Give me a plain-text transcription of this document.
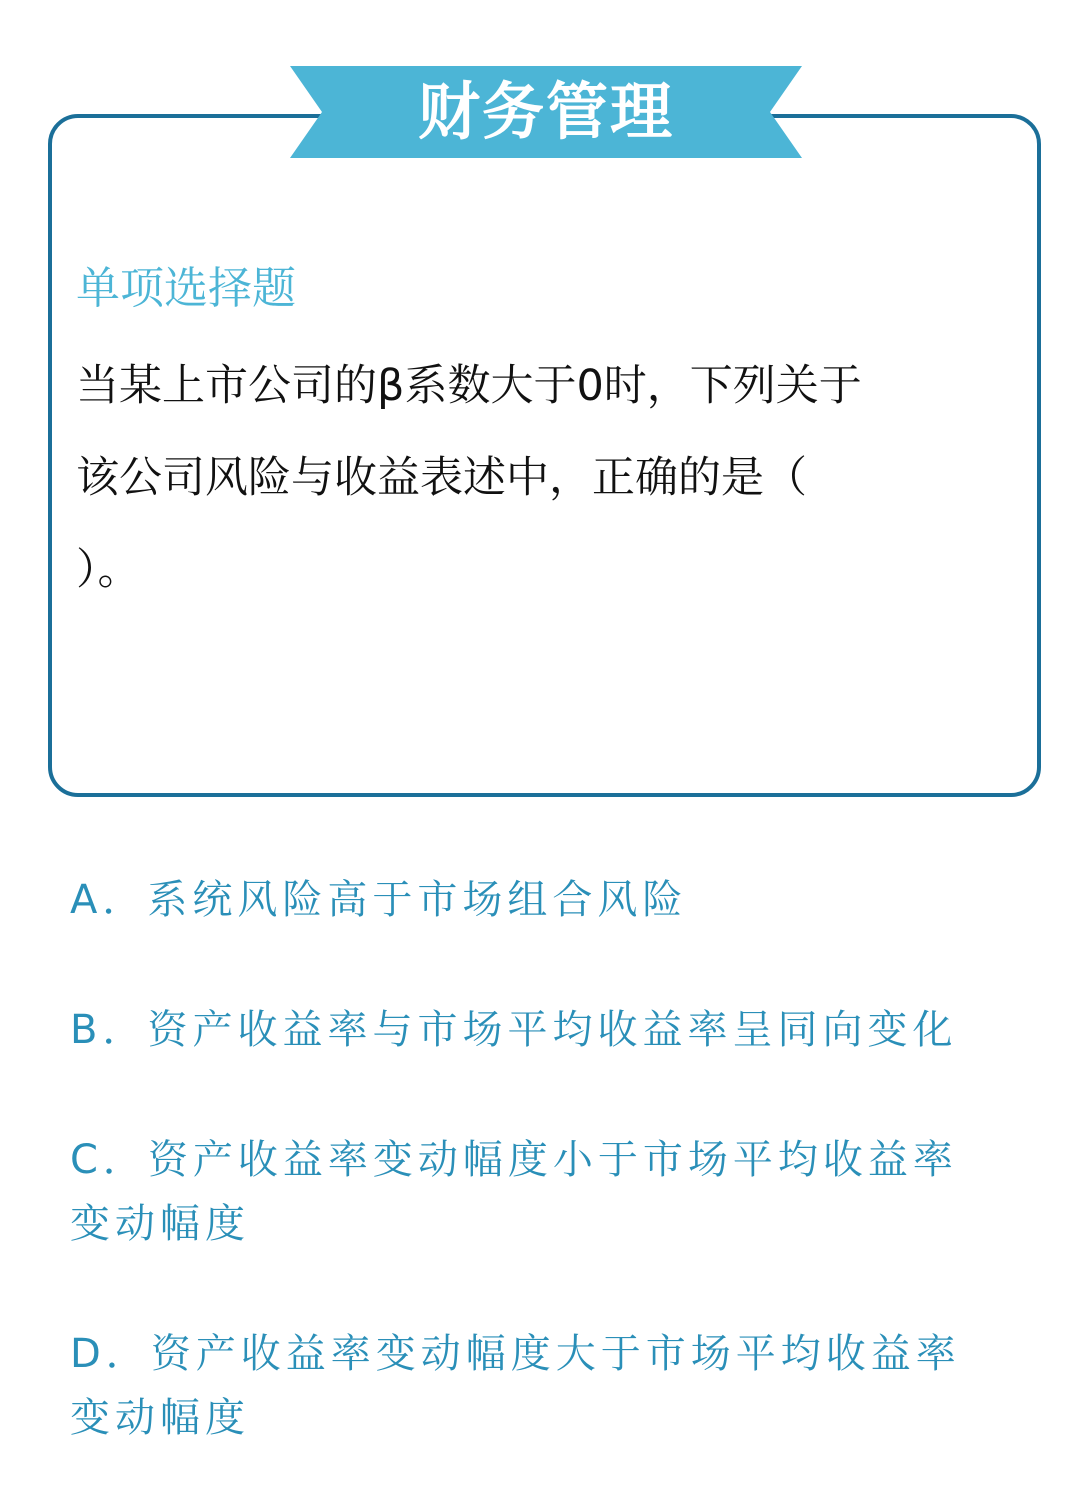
财务管理
单项选择题
当某上市公司的β系数大于0时，下列关于
该公司风险与收益表述中，正确的是（
）。
A．系统风险高于市场组合风险
B．资产收益率与市场平均收益率呈同向变化
C．资产收益率变动幅度小于市场平均收益率
变动幅度
D．资产收益率变动幅度大于市场平均收益率
变动幅度
